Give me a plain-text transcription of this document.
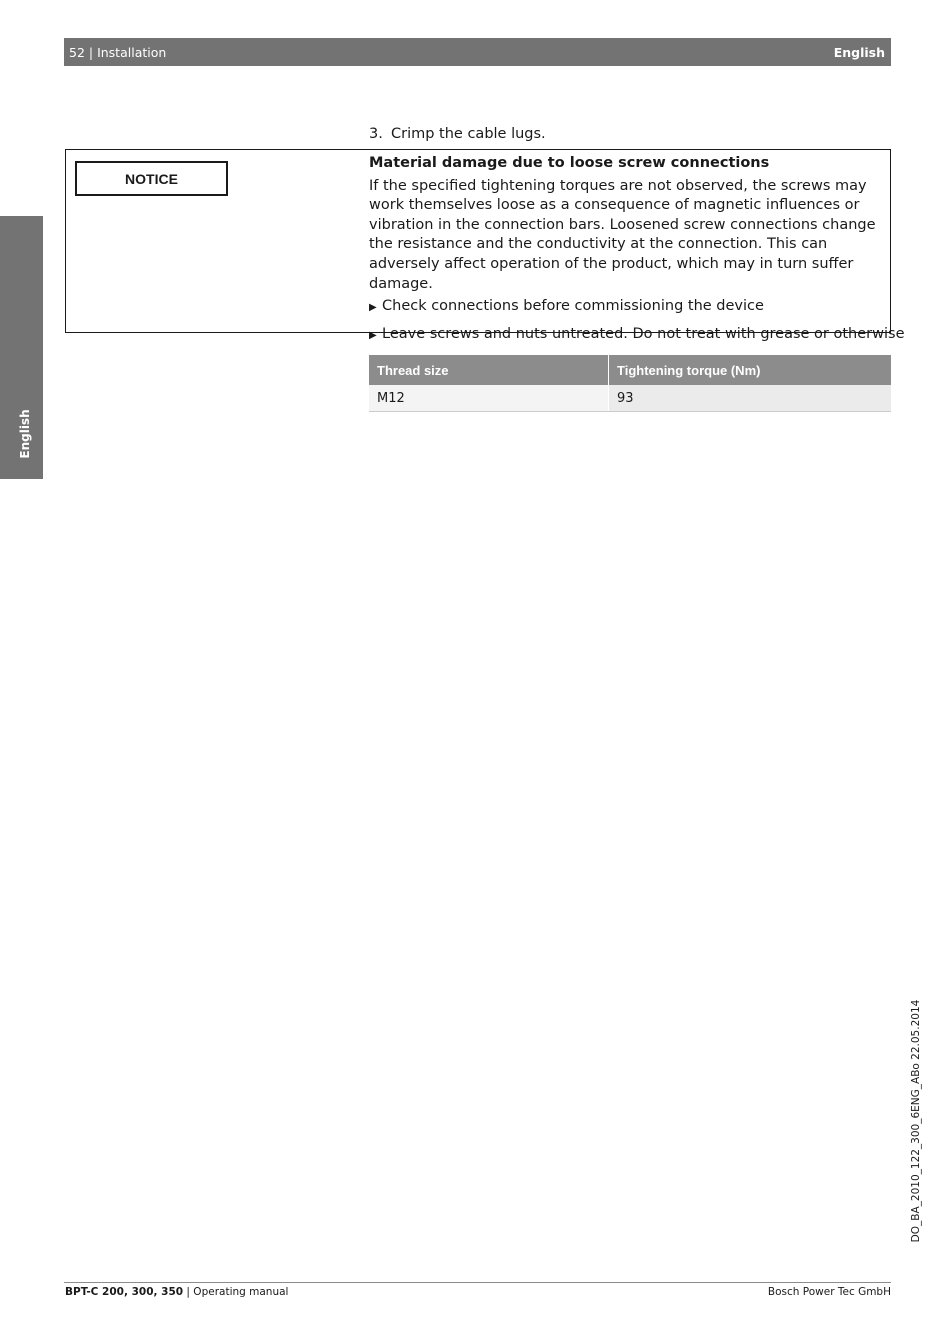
52 | Installation	English
English
3. Crimp the cable lugs.
NOTICE
Material damage due to loose screw connections

If the specified tightening torques are not observed, the screws may work themselves loose as a consequence of magnetic influences or vibration in the connection bars. Loosened screw connections change the resistance and the conductivity at the connection. This can adversely affect operation of the product, which may in turn suffer damage.

▶ Check connections before commissioning the device
▶ Leave screws and nuts untreated. Do not treat with grease or otherwise
Thread size	Tightening torque (Nm)
M12	93
DO_BA_2010_122_300_6ENG_ABo 22.05.2014
BPT-C 200, 300, 350 | Operating manual	Bosch Power Tec GmbH
